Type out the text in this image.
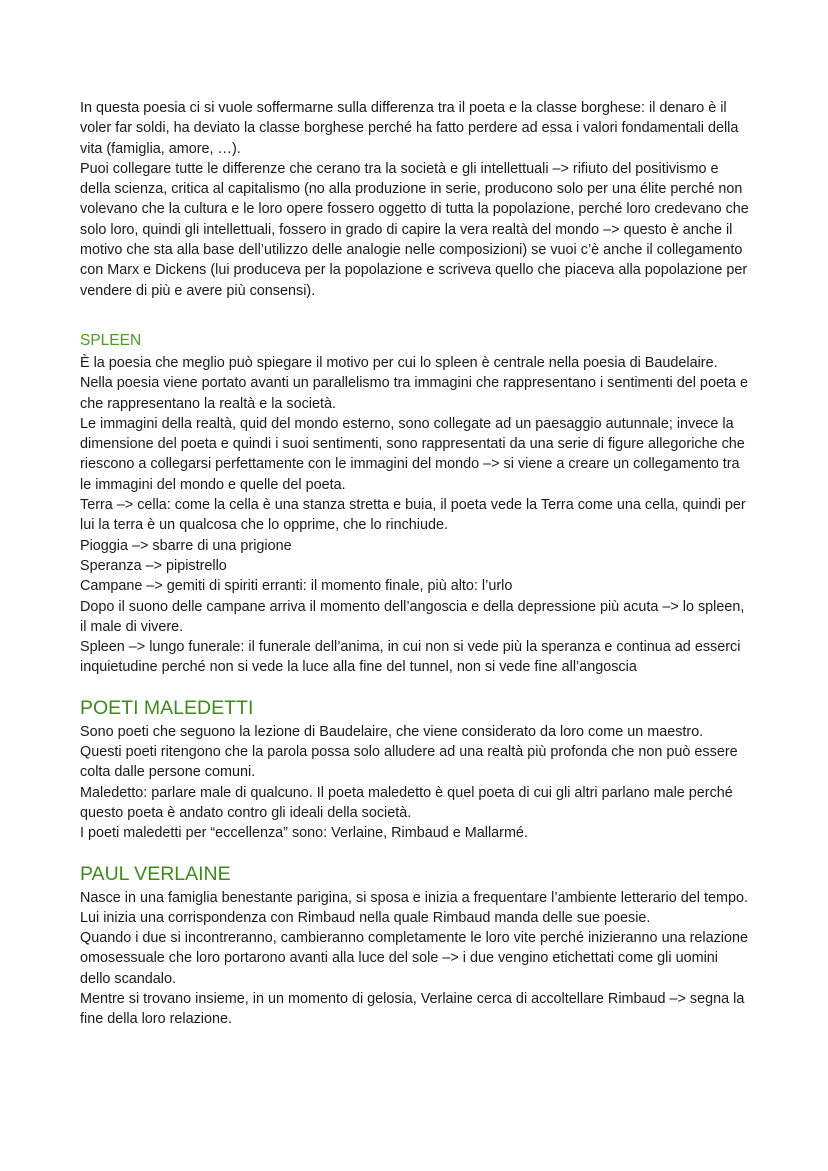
In questa poesia ci si vuole soffermarne sulla differenza tra il poeta e la classe borghese: il denaro è il voler far soldi, ha deviato la classe borghese perché ha fatto perdere ad essa i valori fondamentali della vita (famiglia, amore, …).

Puoi collegare tutte le differenze che cerano tra la società e gli intellettuali –> rifiuto del positivismo e della scienza, critica al capitalismo (no alla produzione in serie, producono solo per una élite perché non volevano che la cultura e le loro opere fossero oggetto di tutta la popolazione, perché loro credevano che solo loro, quindi gli intellettuali, fossero in grado di capire la vera realtà del mondo –> questo è anche il motivo che sta alla base dell’utilizzo delle analogie nelle composizioni) se vuoi c’è anche il collegamento con Marx e Dickens (lui produceva per la popolazione e scriveva quello che piaceva alla popolazione per vendere di più e avere più consensi).

SPLEEN

È la poesia che meglio può spiegare il motivo per cui lo spleen è centrale nella poesia di Baudelaire.

Nella poesia viene portato avanti un parallelismo tra immagini che rappresentano i sentimenti del poeta e che rappresentano la realtà e la società.

Le immagini della realtà, quid del mondo esterno, sono collegate ad un paesaggio autunnale; invece la dimensione del poeta e quindi i suoi sentimenti, sono rappresentati da una serie di figure allegoriche che riescono a collegarsi perfettamente con le immagini del mondo –> si viene a creare un collegamento tra le immagini del mondo e quelle del poeta.

Terra –> cella: come la cella è una stanza stretta e buia, il poeta vede la Terra come una cella, quindi per lui la terra è un qualcosa che lo opprime, che lo rinchiude.

Pioggia –> sbarre di una prigione

Speranza –> pipistrello

Campane –> gemiti di spiriti erranti: il momento finale, più alto: l’urlo

Dopo il suono delle campane arriva il momento dell’angoscia e della depressione più acuta –> lo spleen, il male di vivere.

Spleen –> lungo funerale: il funerale dell’anima, in cui non si vede più la speranza e continua ad esserci inquietudine perché non si vede la luce alla fine del tunnel, non si vede fine all’angoscia

POETI MALEDETTI

Sono poeti che seguono la lezione di Baudelaire, che viene considerato da loro come un maestro.

Questi poeti ritengono che la parola possa solo alludere ad una realtà più profonda che non può essere colta dalle persone comuni.

Maledetto: parlare male di qualcuno. Il poeta maledetto è quel poeta di cui gli altri parlano male perché questo poeta è andato contro gli ideali della società.

I poeti maledetti per “eccellenza” sono: Verlaine, Rimbaud e Mallarmé.

PAUL VERLAINE

Nasce in una famiglia benestante parigina, si sposa e inizia a frequentare l’ambiente letterario del tempo. Lui inizia una corrispondenza con Rimbaud nella quale Rimbaud manda delle sue poesie.

Quando i due si incontreranno, cambieranno completamente le loro vite perché inizieranno una relazione omosessuale che loro portarono avanti alla luce del sole –> i due vengino etichettati come gli uomini dello scandalo.

Mentre si trovano insieme, in un momento di gelosia, Verlaine cerca di accoltellare Rimbaud –> segna la fine della loro relazione.
